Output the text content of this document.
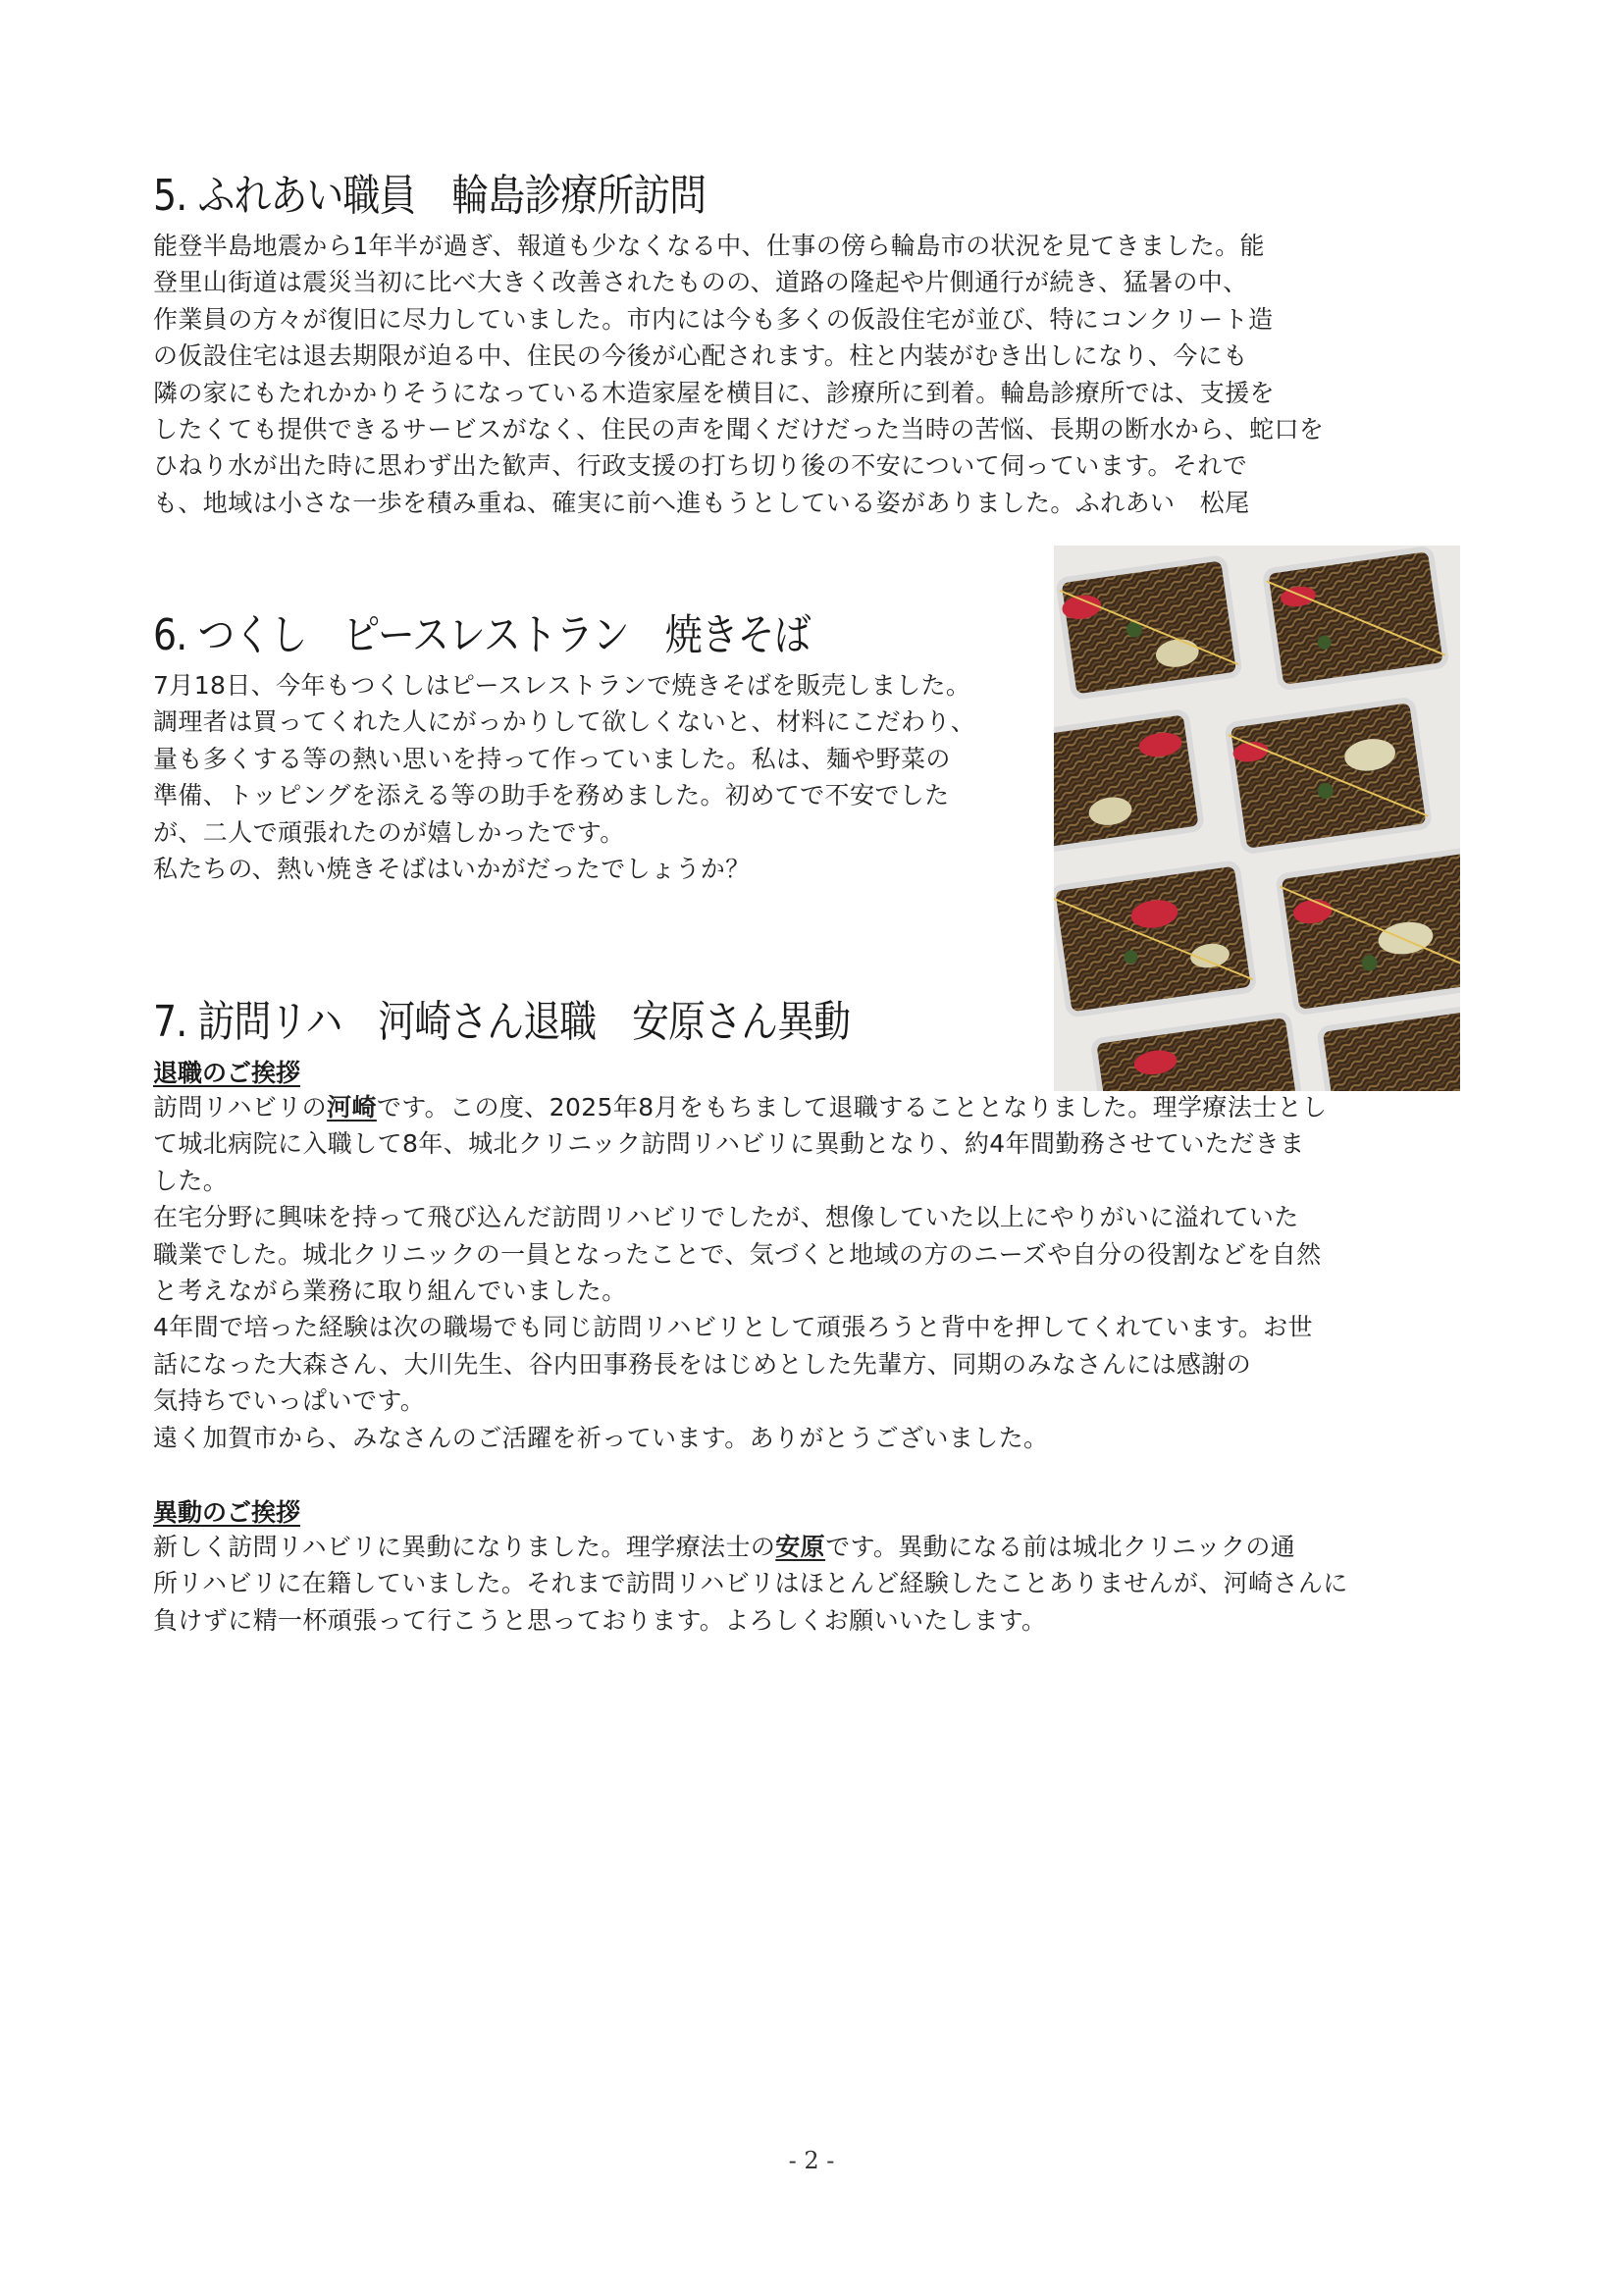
5. ふれあい職員　輪島診療所訪問

能登半島地震から1年半が過ぎ、報道も少なくなる中、仕事の傍ら輪島市の状況を見てきました。能
登里山街道は震災当初に比べ大きく改善されたものの、道路の隆起や片側通行が続き、猛暑の中、
作業員の方々が復旧に尽力していました。市内には今も多くの仮設住宅が並び、特にコンクリート造
の仮設住宅は退去期限が迫る中、住民の今後が心配されます。柱と内装がむき出しになり、今にも
隣の家にもたれかかりそうになっている木造家屋を横目に、診療所に到着。輪島診療所では、支援を
したくても提供できるサービスがなく、住民の声を聞くだけだった当時の苦悩、長期の断水から、蛇口を
ひねり水が出た時に思わず出た歓声、行政支援の打ち切り後の不安について伺っています。それで
も、地域は小さな一歩を積み重ね、確実に前へ進もうとしている姿がありました。ふれあい　松尾

6. つくし　ピースレストラン　焼きそば

7月18日、今年もつくしはピースレストランで焼きそばを販売しました。
調理者は買ってくれた人にがっかりして欲しくないと、材料にこだわり、
量も多くする等の熱い思いを持って作っていました。私は、麺や野菜の
準備、トッピングを添える等の助手を務めました。初めてで不安でした
が、二人で頑張れたのが嬉しかったです。
私たちの、熱い焼きそばはいかがだったでしょうか？

7. 訪問リハ　河崎さん退職　安原さん異動

退職のご挨拶

訪問リハビリの河崎です。この度、2025年8月をもちまして退職することとなりました。理学療法士とし
て城北病院に入職して8年、城北クリニック訪問リハビリに異動となり、約4年間勤務させていただきま
した。
在宅分野に興味を持って飛び込んだ訪問リハビリでしたが、想像していた以上にやりがいに溢れていた
職業でした。城北クリニックの一員となったことで、気づくと地域の方のニーズや自分の役割などを自然
と考えながら業務に取り組んでいました。
4年間で培った経験は次の職場でも同じ訪問リハビリとして頑張ろうと背中を押してくれています。お世
話になった大森さん、大川先生、谷内田事務長をはじめとした先輩方、同期のみなさんには感謝の
気持ちでいっぱいです。
遠く加賀市から、みなさんのご活躍を祈っています。ありがとうございました。

異動のご挨拶

新しく訪問リハビリに異動になりました。理学療法士の安原です。異動になる前は城北クリニックの通
所リハビリに在籍していました。それまで訪問リハビリはほとんど経験したことありませんが、河崎さんに
負けずに精一杯頑張って行こうと思っております。よろしくお願いいたします。

- 2 -
